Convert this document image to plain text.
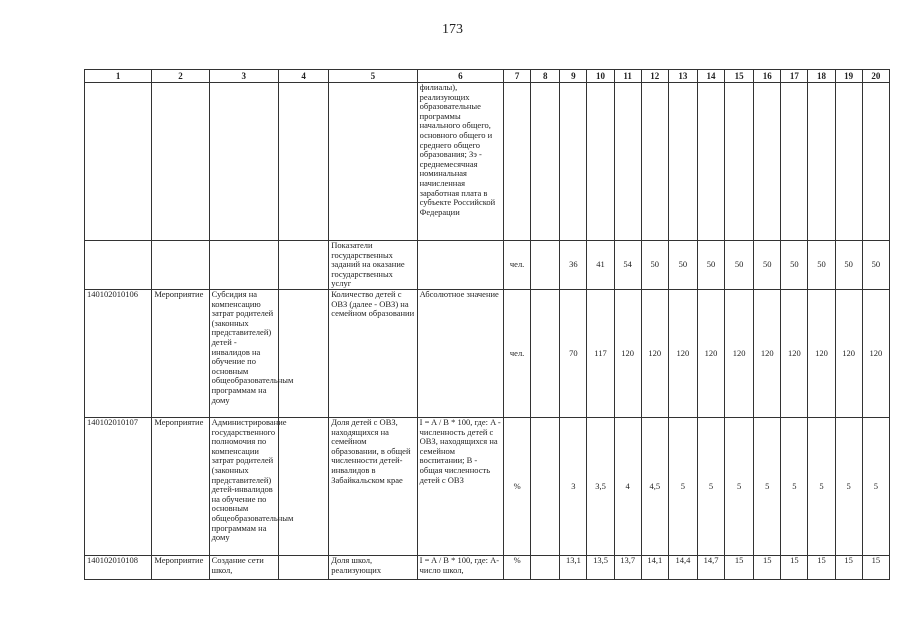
173
1	2	3	4	5	6	7	8	9	10	11	12	13	14	15	16	17	18	19	20
					филиалы), реализующих образовательные программы начального общего, основного общего и среднего общего образования; Зэ - среднемесячная номинальная начисленная заработная плата в субъекте Российской Федерации														
				Показатели государственных заданий на оказание государственных услуг		чел.		36	41	54	50	50	50	50	50	50	50	50	50
140102010106	Мероприятие	Субсидия на компенсацию затрат родителей (законных представителей) детей - инвалидов на обучение по основным общеобразовательным программам на дому		Количество детей с ОВЗ (далее - ОВЗ) на семейном образовании	Абсолютное значение	чел.		70	117	120	120	120	120	120	120	120	120	120	120
140102010107	Мероприятие	Администрирование государственного полномочия по компенсации затрат родителей (законных представителей) детей-инвалидов на обучение по основным общеобразовательным программам на дому		Доля детей с ОВЗ, находящихся на семейном образовании, в общей численности детей-инвалидов в Забайкальском крае	I = A / B * 100, где: A - численность детей с ОВЗ, находящихся на семейном воспитании; B - общая численность детей с ОВЗ	%		3	3,5	4	4,5	5	5	5	5	5	5	5	5
140102010108	Мероприятие	Создание сети школ,		Доля школ, реализующих	I = A / B * 100, где: A- число школ,	%		13,1	13,5	13,7	14,1	14,4	14,7	15	15	15	15	15	15
